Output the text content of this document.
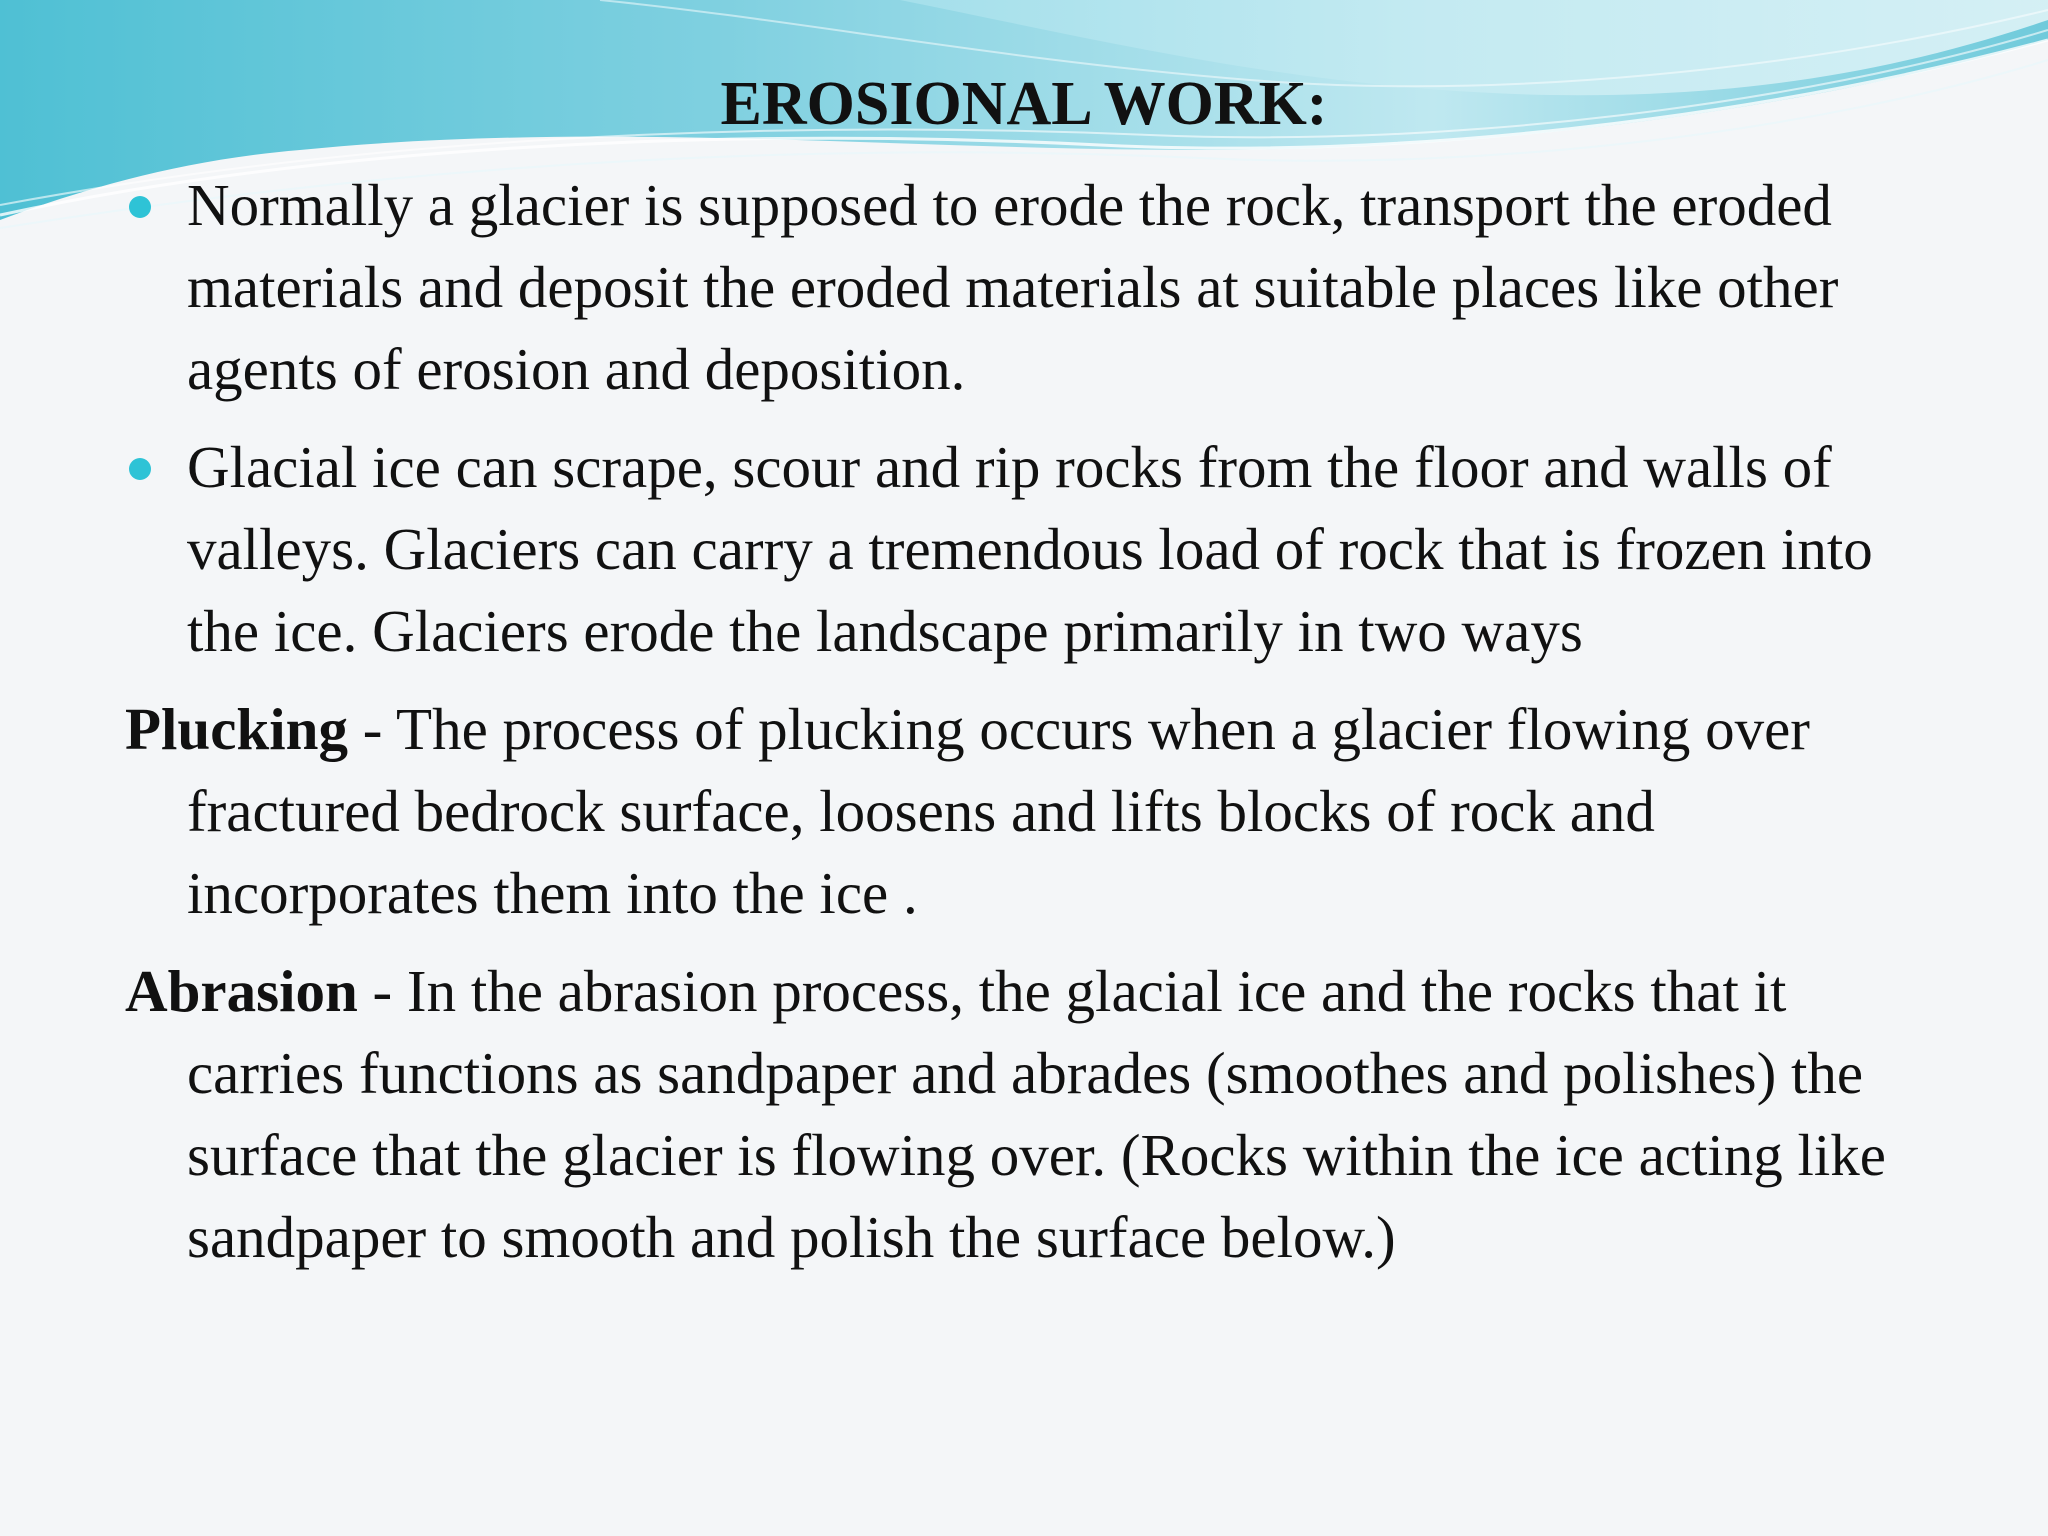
EROSIONAL WORK:
Normally a glacier is supposed to erode the rock, transport the eroded materials and deposit the eroded materials at suitable places like other agents of erosion and deposition.
Glacial ice can scrape, scour and rip rocks from the floor and walls of valleys. Glaciers can carry a tremendous load of rock that is frozen into the ice. Glaciers erode the landscape primarily in two ways

Plucking - The process of plucking occurs when a glacier flowing over fractured bedrock surface, loosens and lifts blocks of rock and incorporates them into the ice .

Abrasion - In the abrasion process, the glacial ice and the rocks that it carries functions as sandpaper and abrades (smoothes and polishes) the surface that the glacier is flowing over. (Rocks within the ice acting like sandpaper to smooth and polish the surface below.)
